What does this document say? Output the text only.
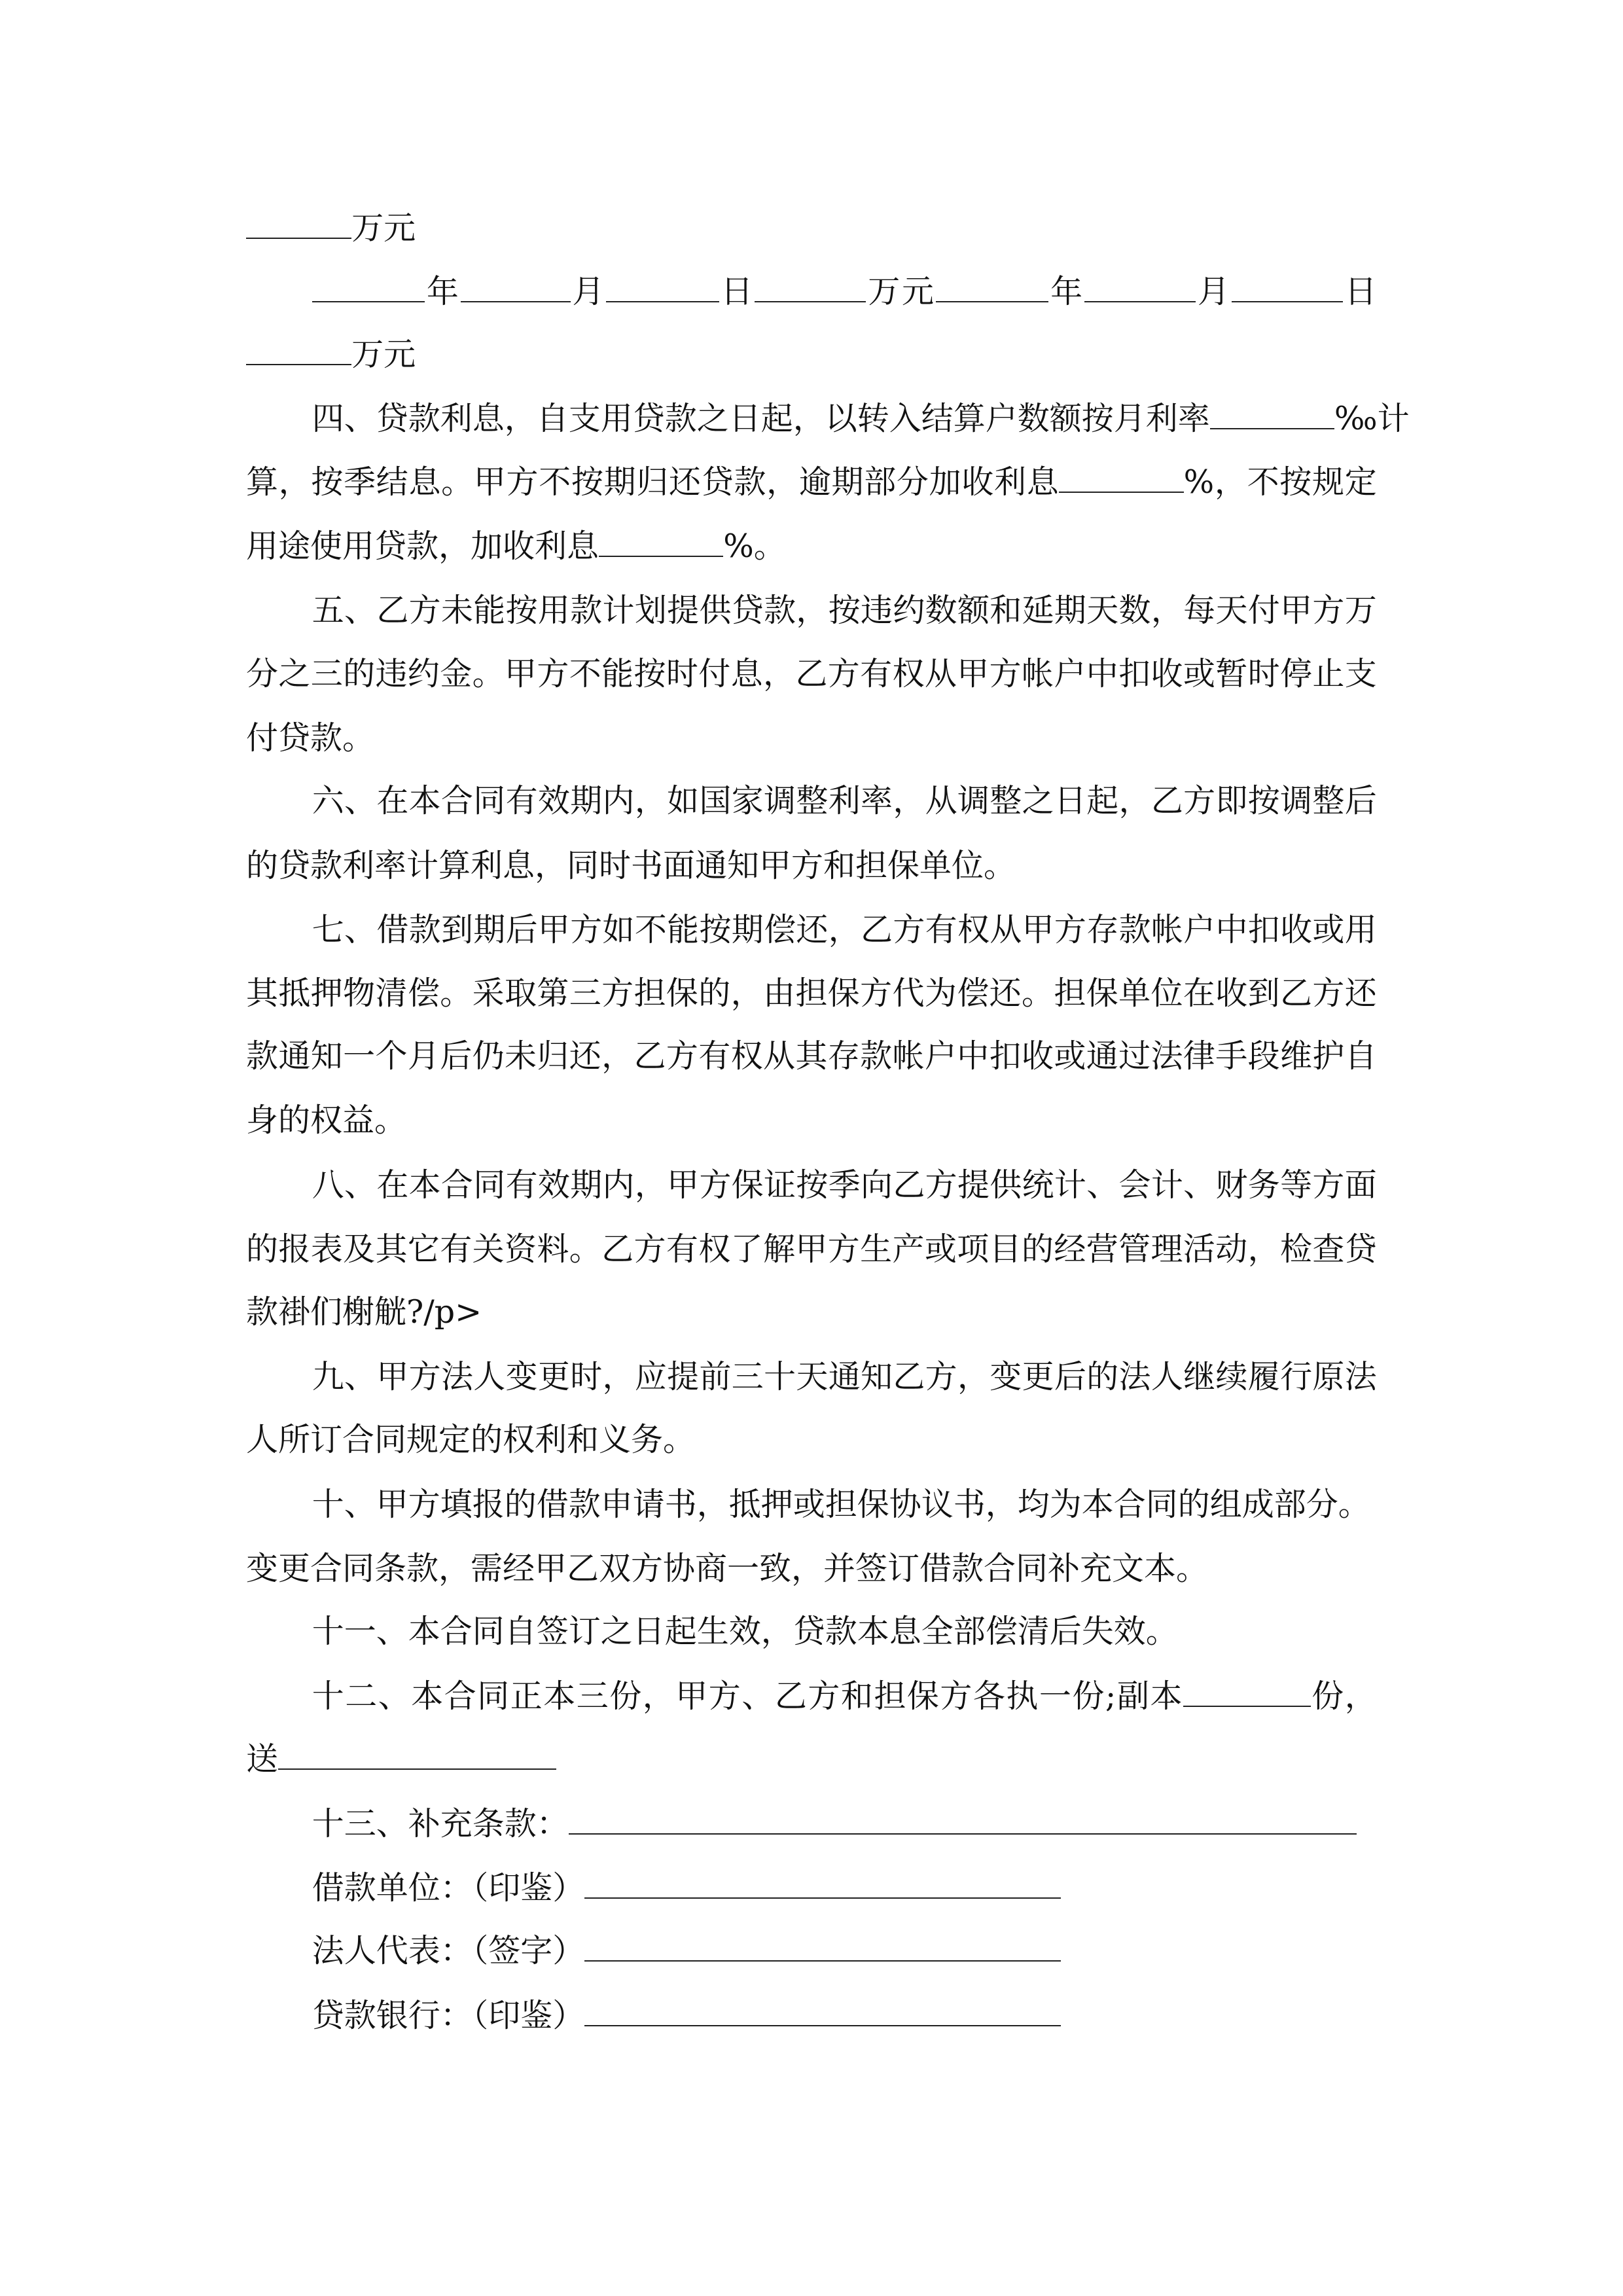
万元
年	月	日	万元	年	月	日
万元
四、贷款利息，自支用贷款之日起，以转入结算户数额按月利率	‰计
算，按季结息。甲方不按期归还贷款，逾期部分加收利息	%，不按规定
用途使用贷款，加收利息	%。
五、乙方未能按用款计划提供贷款，按违约数额和延期天数，每天付甲方万
分之三的违约金。甲方不能按时付息，乙方有权从甲方帐户中扣收或暂时停止支
付贷款。
六、在本合同有效期内，如国家调整利率，从调整之日起，乙方即按调整后
的贷款利率计算利息，同时书面通知甲方和担保单位。
七、借款到期后甲方如不能按期偿还，乙方有权从甲方存款帐户中扣收或用
其抵押物清偿。采取第三方担保的，由担保方代为偿还。担保单位在收到乙方还
款通知一个月后仍未归还，乙方有权从其存款帐户中扣收或通过法律手段维护自
身的权益。
八、在本合同有效期内，甲方保证按季向乙方提供统计、会计、财务等方面
的报表及其它有关资料。乙方有权了解甲方生产或项目的经营管理活动，检查贷
款褂们榭觥?/p>
九、甲方法人变更时，应提前三十天通知乙方，变更后的法人继续履行原法
人所订合同规定的权利和义务。
十、甲方填报的借款申请书，抵押或担保协议书，均为本合同的组成部分。
变更合同条款，需经甲乙双方协商一致，并签订借款合同补充文本。
十一、本合同自签订之日起生效，贷款本息全部偿清后失效。
十二、本合同正本三份，甲方、乙方和担保方各执一份;副本	份，
送
十三、补充条款：
借款单位：（印鉴）
法人代表：（签字）
贷款银行：（印鉴）
